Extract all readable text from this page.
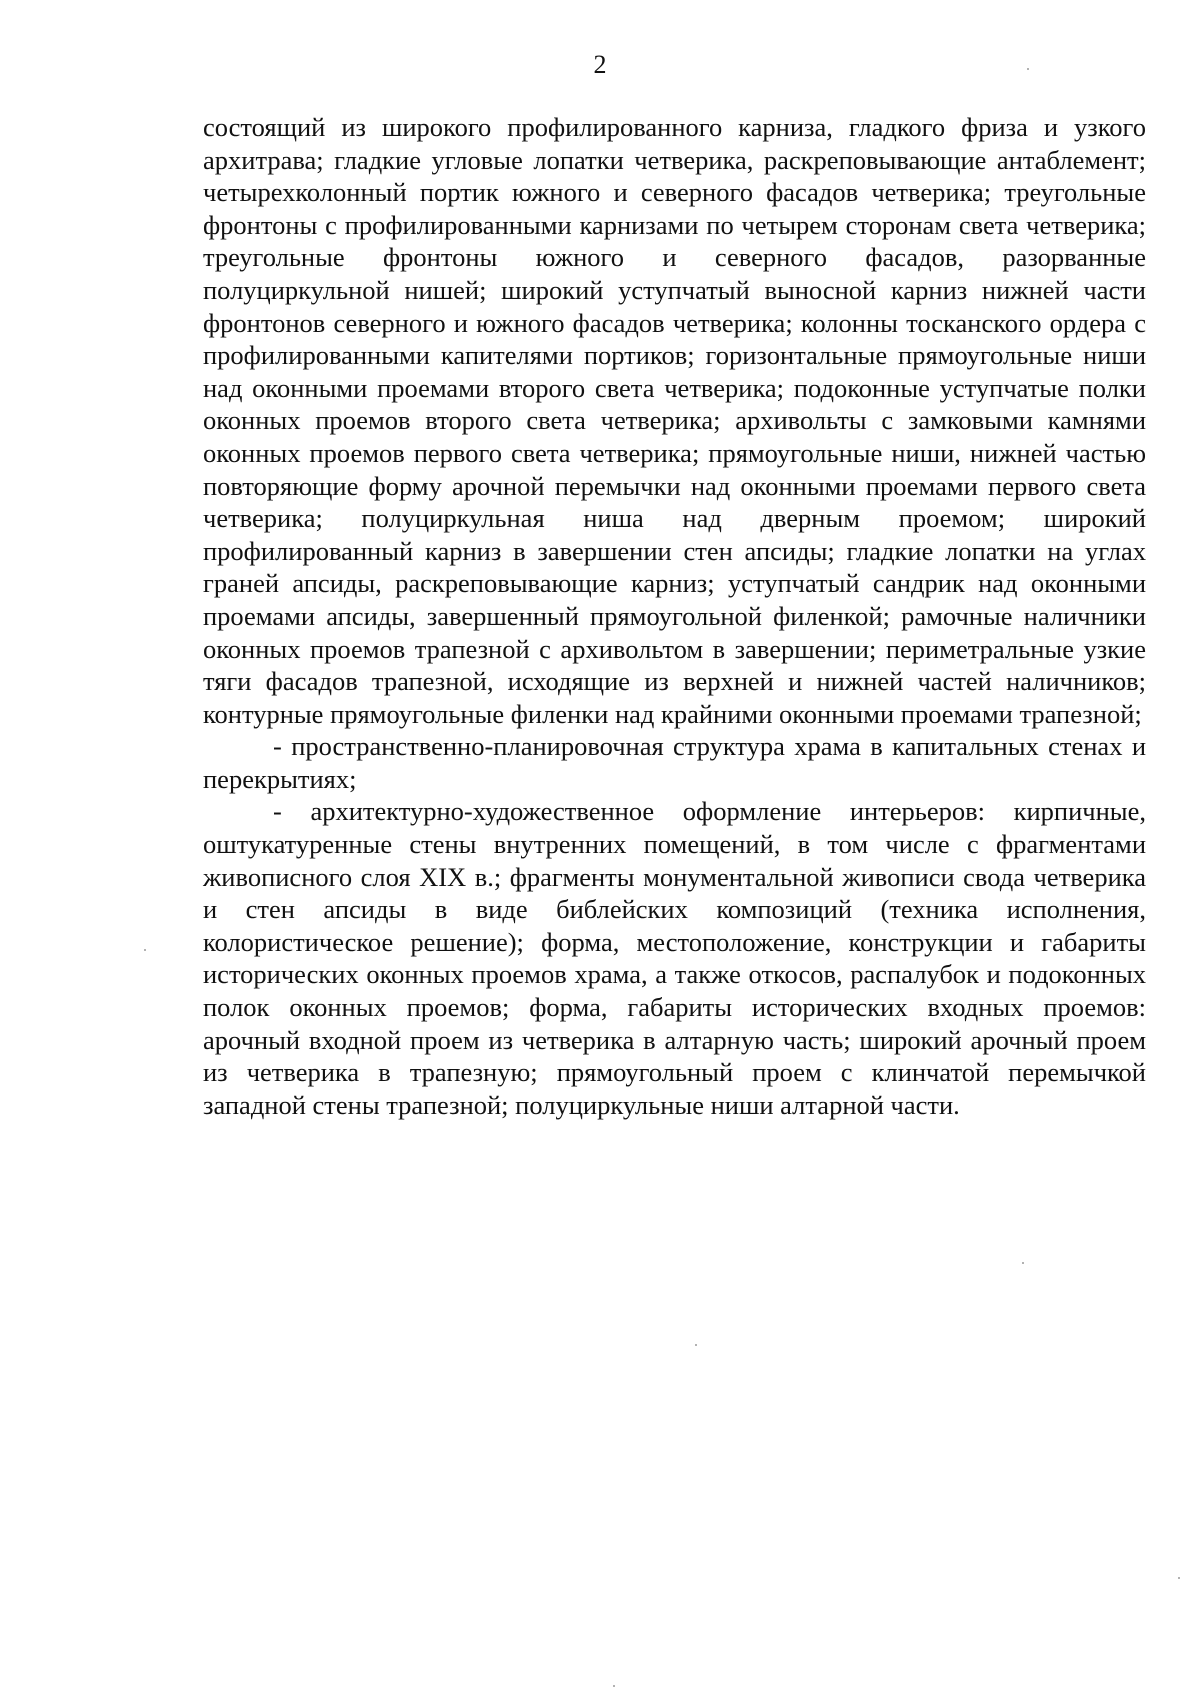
2

состоящий из широкого профилированного карниза, гладкого фриза и узкого архитрава; гладкие угловые лопатки четверика, раскреповывающие антаблемент; четырехколонный портик южного и северного фасадов четверика; треугольные фронтоны с профилированными карнизами по четырем сторонам света четверика; треугольные фронтоны южного и северного фасадов, разорванные полуциркульной нишей; широкий уступчатый выносной карниз нижней части фронтонов северного и южного фасадов четверика; колонны тосканского ордера с профилированными капителями портиков; горизонтальные прямоугольные ниши над оконными проемами второго света четверика; подоконные уступчатые полки оконных проемов второго света четверика; архивольты с замковыми камнями оконных проемов первого света четверика; прямоугольные ниши, нижней частью повторяющие форму арочной перемычки над оконными проемами первого света четверика; полуциркульная ниша над дверным проемом; широкий профилированный карниз в завершении стен апсиды; гладкие лопатки на углах граней апсиды, раскреповывающие карниз; уступчатый сандрик над оконными проемами апсиды, завершенный прямоугольной филенкой; рамочные наличники оконных проемов трапезной с архивольтом в завершении; периметральные узкие тяги фасадов трапезной, исходящие из верхней и нижней частей наличников; контурные прямоугольные филенки над крайними оконными проемами трапезной;

- пространственно-планировочная структура храма в капитальных стенах и перекрытиях;

- архитектурно-художественное оформление интерьеров: кирпичные, оштукатуренные стены внутренних помещений, в том числе с фрагментами живописного слоя XIX в.; фрагменты монументальной живописи свода четверика и стен апсиды в виде библейских композиций (техника исполнения, колористическое решение); форма, местоположение, конструкции и габариты исторических оконных проемов храма, а также откосов, распалубок и подоконных полок оконных проемов; форма, габариты исторических входных проемов: арочный входной проем из четверика в алтарную часть; широкий арочный проем из четверика в трапезную; прямоугольный проем с клинчатой перемычкой западной стены трапезной; полуциркульные ниши алтарной части.
